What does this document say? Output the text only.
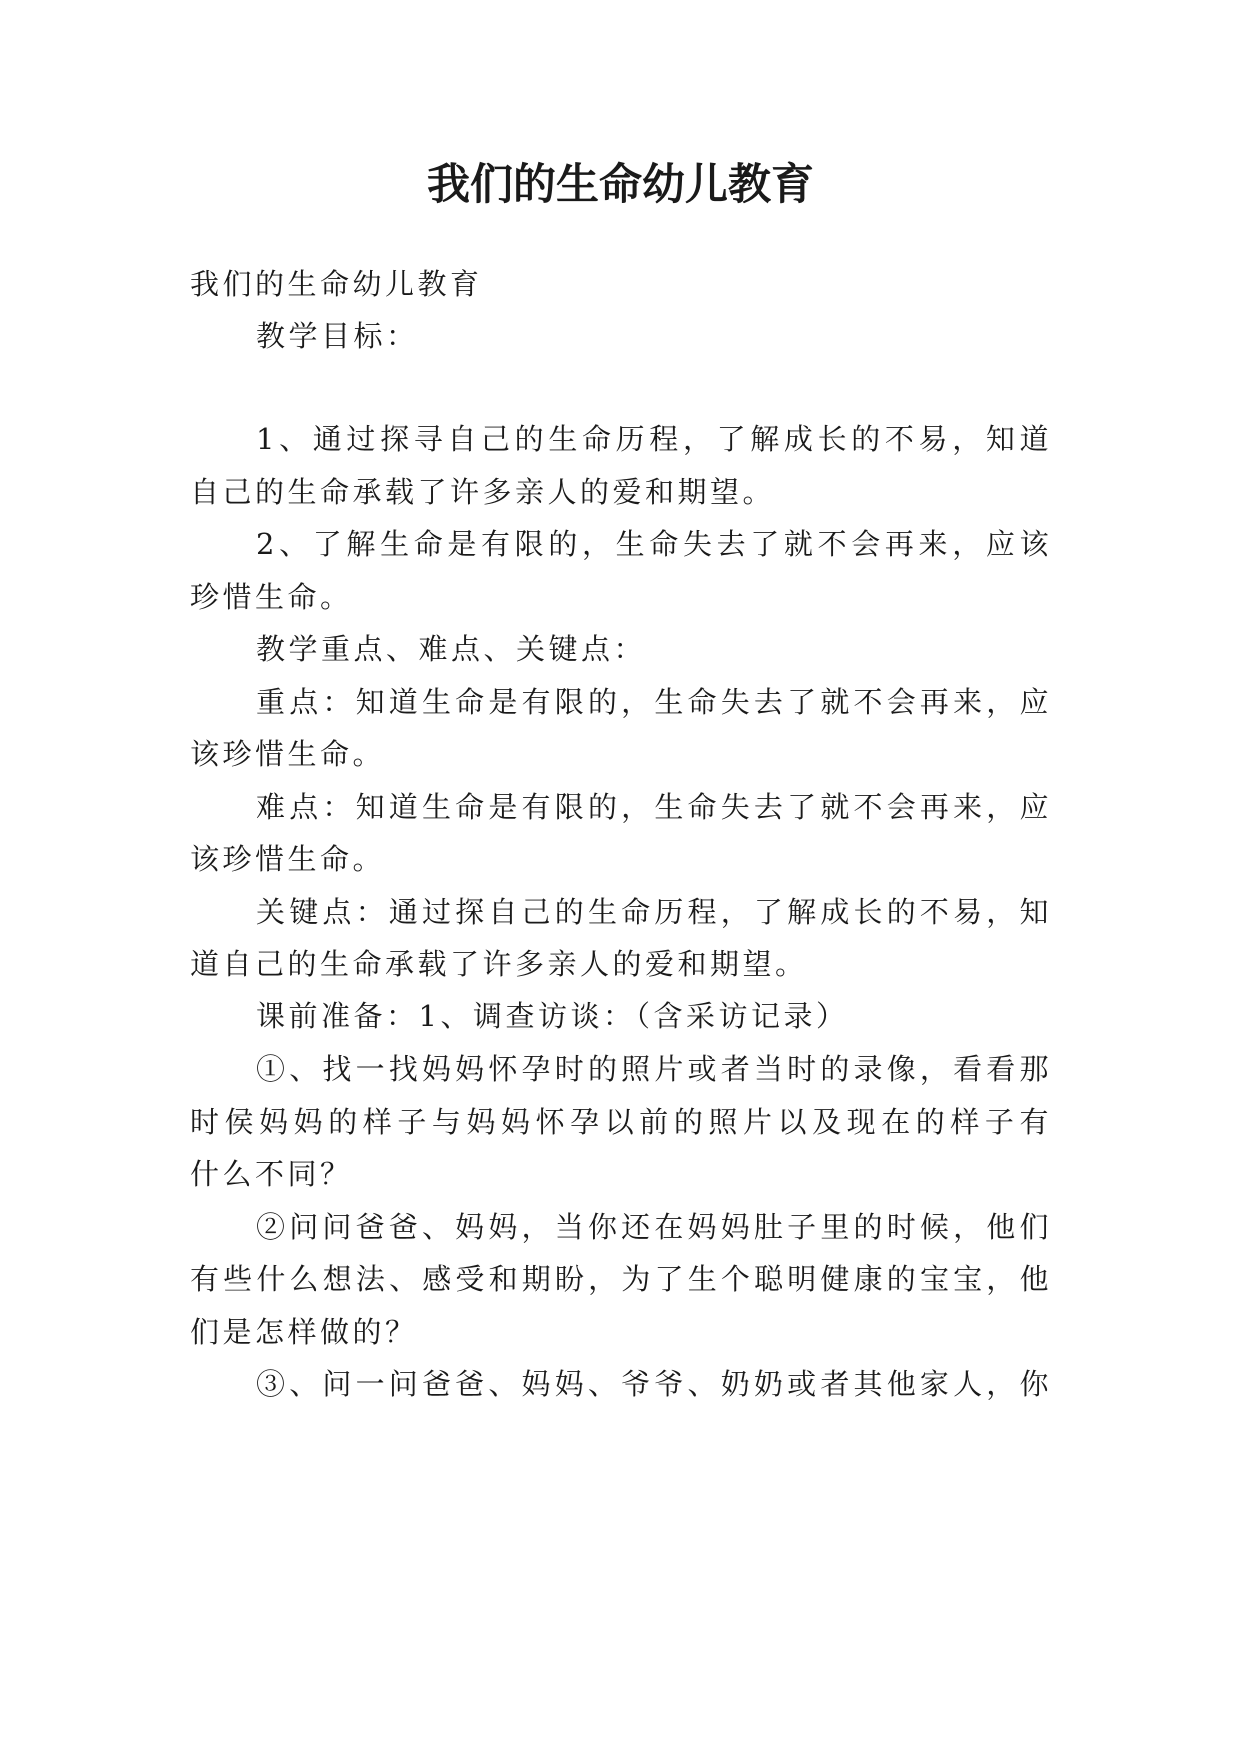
我们的生命幼儿教育

我们的生命幼儿教育

教学目标：

1、通过探寻自己的生命历程，了解成长的不易，知道

自己的生命承载了许多亲人的爱和期望。

2、了解生命是有限的，生命失去了就不会再来，应该

珍惜生命。

教学重点、难点、关键点：

重点：知道生命是有限的，生命失去了就不会再来，应

该珍惜生命。

难点：知道生命是有限的，生命失去了就不会再来，应

该珍惜生命。

关键点：通过探自己的生命历程，了解成长的不易，知

道自己的生命承载了许多亲人的爱和期望。

课前准备：1、调查访谈：（含采访记录）

①、找一找妈妈怀孕时的照片或者当时的录像，看看那

时侯妈妈的样子与妈妈怀孕以前的照片以及现在的样子有

什么不同？

②问问爸爸、妈妈，当你还在妈妈肚子里的时候，他们

有些什么想法、感受和期盼，为了生个聪明健康的宝宝，他

们是怎样做的？

③、问一问爸爸、妈妈、爷爷、奶奶或者其他家人，你
